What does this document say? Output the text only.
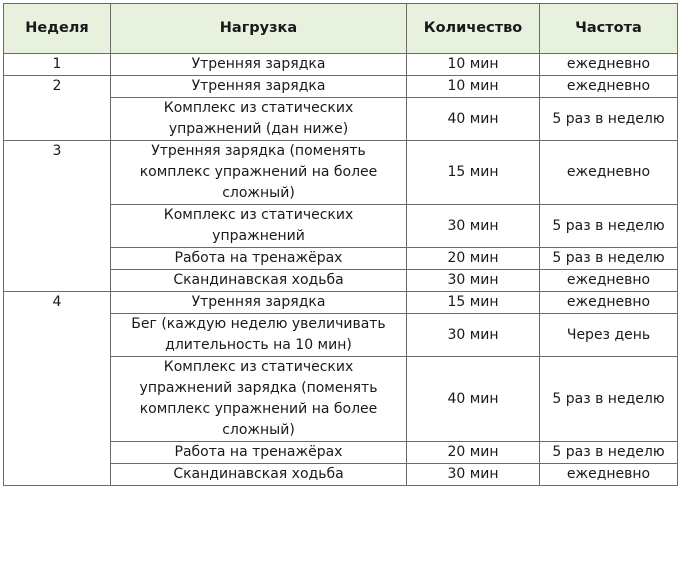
Неделя	Нагрузка	Количество	Частота
1	Утренняя зарядка	10 мин	ежедневно
2	Утренняя зарядка	10 мин	ежедневно
	Комплекс из статических упражнений (дан ниже)	40 мин	5 раз в неделю
3	Утренняя зарядка (поменять комплекс упражнений на более сложный)	15 мин	ежедневно
	Комплекс из статических упражнений	30 мин	5 раз в неделю
	Работа на тренажёрах	20 мин	5 раз в неделю
	Скандинавская ходьба	30 мин	ежедневно
4	Утренняя зарядка	15 мин	ежедневно
	Бег (каждую неделю увеличивать длительность на 10 мин)	30 мин	Через день
	Комплекс из статических упражнений зарядка (поменять комплекс упражнений на более сложный)	40 мин	5 раз в неделю
	Работа на тренажёрах	20 мин	5 раз в неделю
	Скандинавская ходьба	30 мин	ежедневно
